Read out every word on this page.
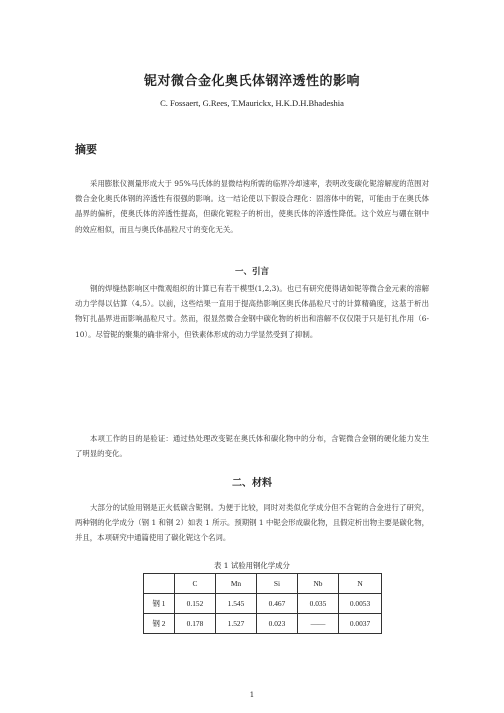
铌对微合金化奥氏体钢淬透性的影响
C. Fossaert, G.Rees, T.Maurickx, H.K.D.H.Bhadeshia
摘要
采用膨胀仪测量形成大于 95%马氏体的显微结构所需的临界冷却速率，表明改变碳化铌溶解度的范围对微合金化奥氏体钢的淬透性有很强的影响。这一结论使以下假设合理化：固溶体中的铌，可能由于在奥氏体晶界的偏析，使奥氏体的淬透性提高，但碳化铌粒子的析出，使奥氏体的淬透性降低。这个效应与硼在钢中的效应相似，而且与奥氏体晶粒尺寸的变化无关。
一、引言
钢的焊缝热影响区中微观组织的计算已有若干模型(1,2,3)。也已有研究使得诸如铌等微合金元素的溶解动力学得以估算（4,5）。以前，这些结果一直用于提高热影响区奥氏体晶粒尺寸的计算精确度，这基于析出物钉扎晶界进而影响晶粒尺寸。然而，很显然微合金钢中碳化物的析出和溶解不仅仅限于只是钉扎作用（6-10）。尽管铌的聚集的确非常小，但铁素体形成的动力学显然受到了抑制。
本项工作的目的是验证：通过热处理改变铌在奥氏体和碳化物中的分布，含铌微合金钢的硬化能力发生了明显的变化。
二、材料
大部分的试验用钢是正火低碳含铌钢。为便于比较，同时对类似化学成分但不含铌的合金进行了研究，两种钢的化学成分（钢 1 和钢 2）如表 1 所示。预期钢 1 中铌会形成碳化物，且假定析出物主要是碳化物，并且，本项研究中通篇使用了碳化铌这个名词。
表 1 试验用钢化学成分
	C	Mn	Si	Nb	N
钢 1	0.152	1.545	0.467	0.035	0.0053
钢 2	0.178	1.527	0.023	——	0.0037
1
